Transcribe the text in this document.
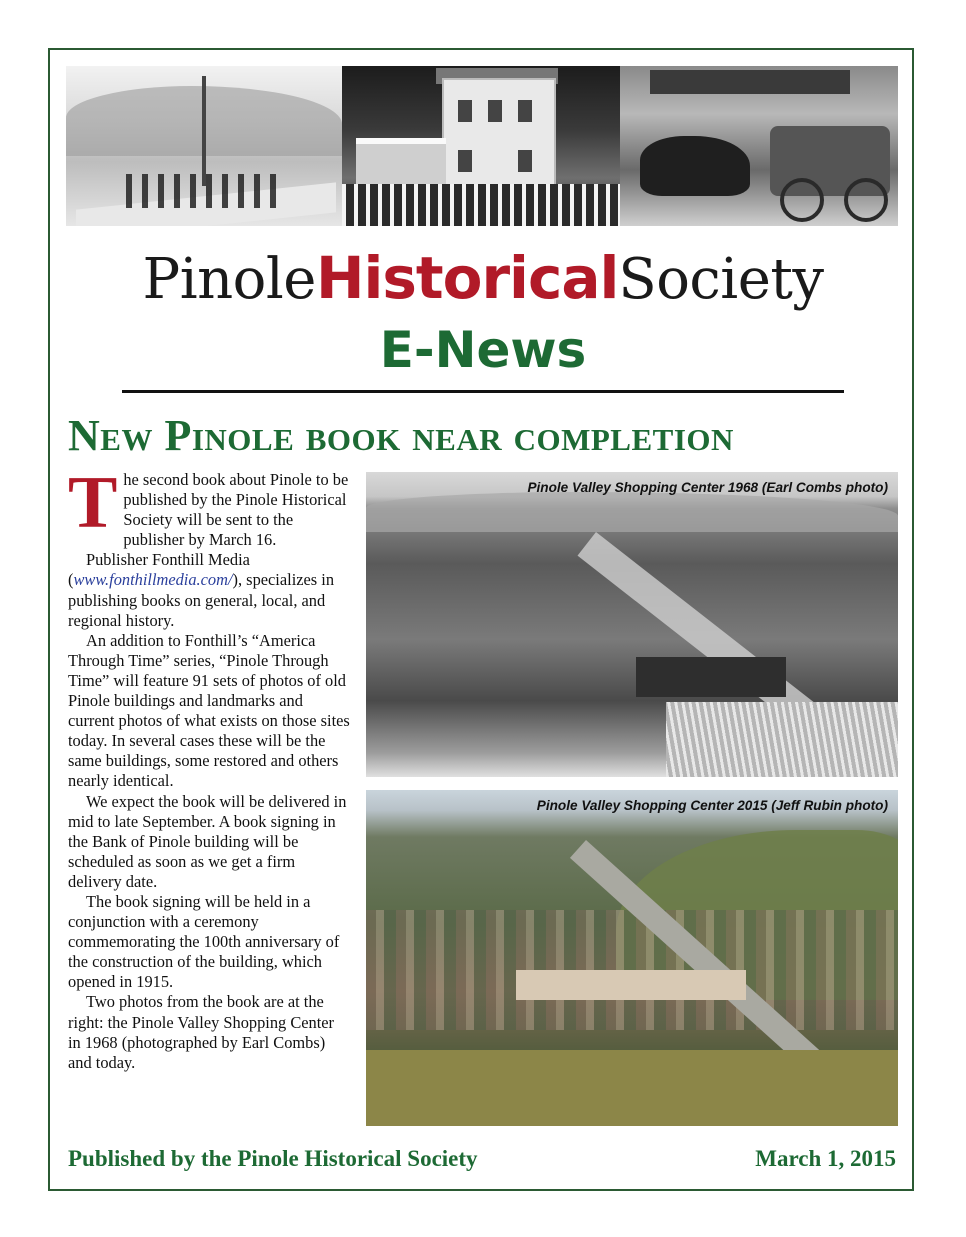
PinoleHistoricalSociety
E-News
New Pinole book near completion

The second book about Pinole to be published by the Pinole Historical Society will be sent to the publisher by March 16.

Publisher Fonthill Media (www.fonthillmedia.com/), specializes in publishing books on general, local, and regional history.

An addition to Fonthill’s “America Through Time” series, “Pinole Through Time” will feature 91 sets of photos of old Pinole buildings and landmarks and current photos of what exists on those sites today. In several cases these will be the same buildings, some restored and others nearly identical.

We expect the book will be delivered in mid to late September. A book signing in the Bank of Pinole building will be scheduled as soon as we get a firm delivery date.

The book signing will be held in a conjunction with a ceremony commemorating the 100th anniversary of the construction of the building, which opened in 1915.

Two photos from the book are at the right: the Pinole Valley Shopping Center in 1968 (photographed by Earl Combs) and today.

Pinole Valley Shopping Center 1968 (Earl Combs photo)
Pinole Valley Shopping Center 2015 (Jeff Rubin photo)
Published by the Pinole Historical Society	March 1, 2015
